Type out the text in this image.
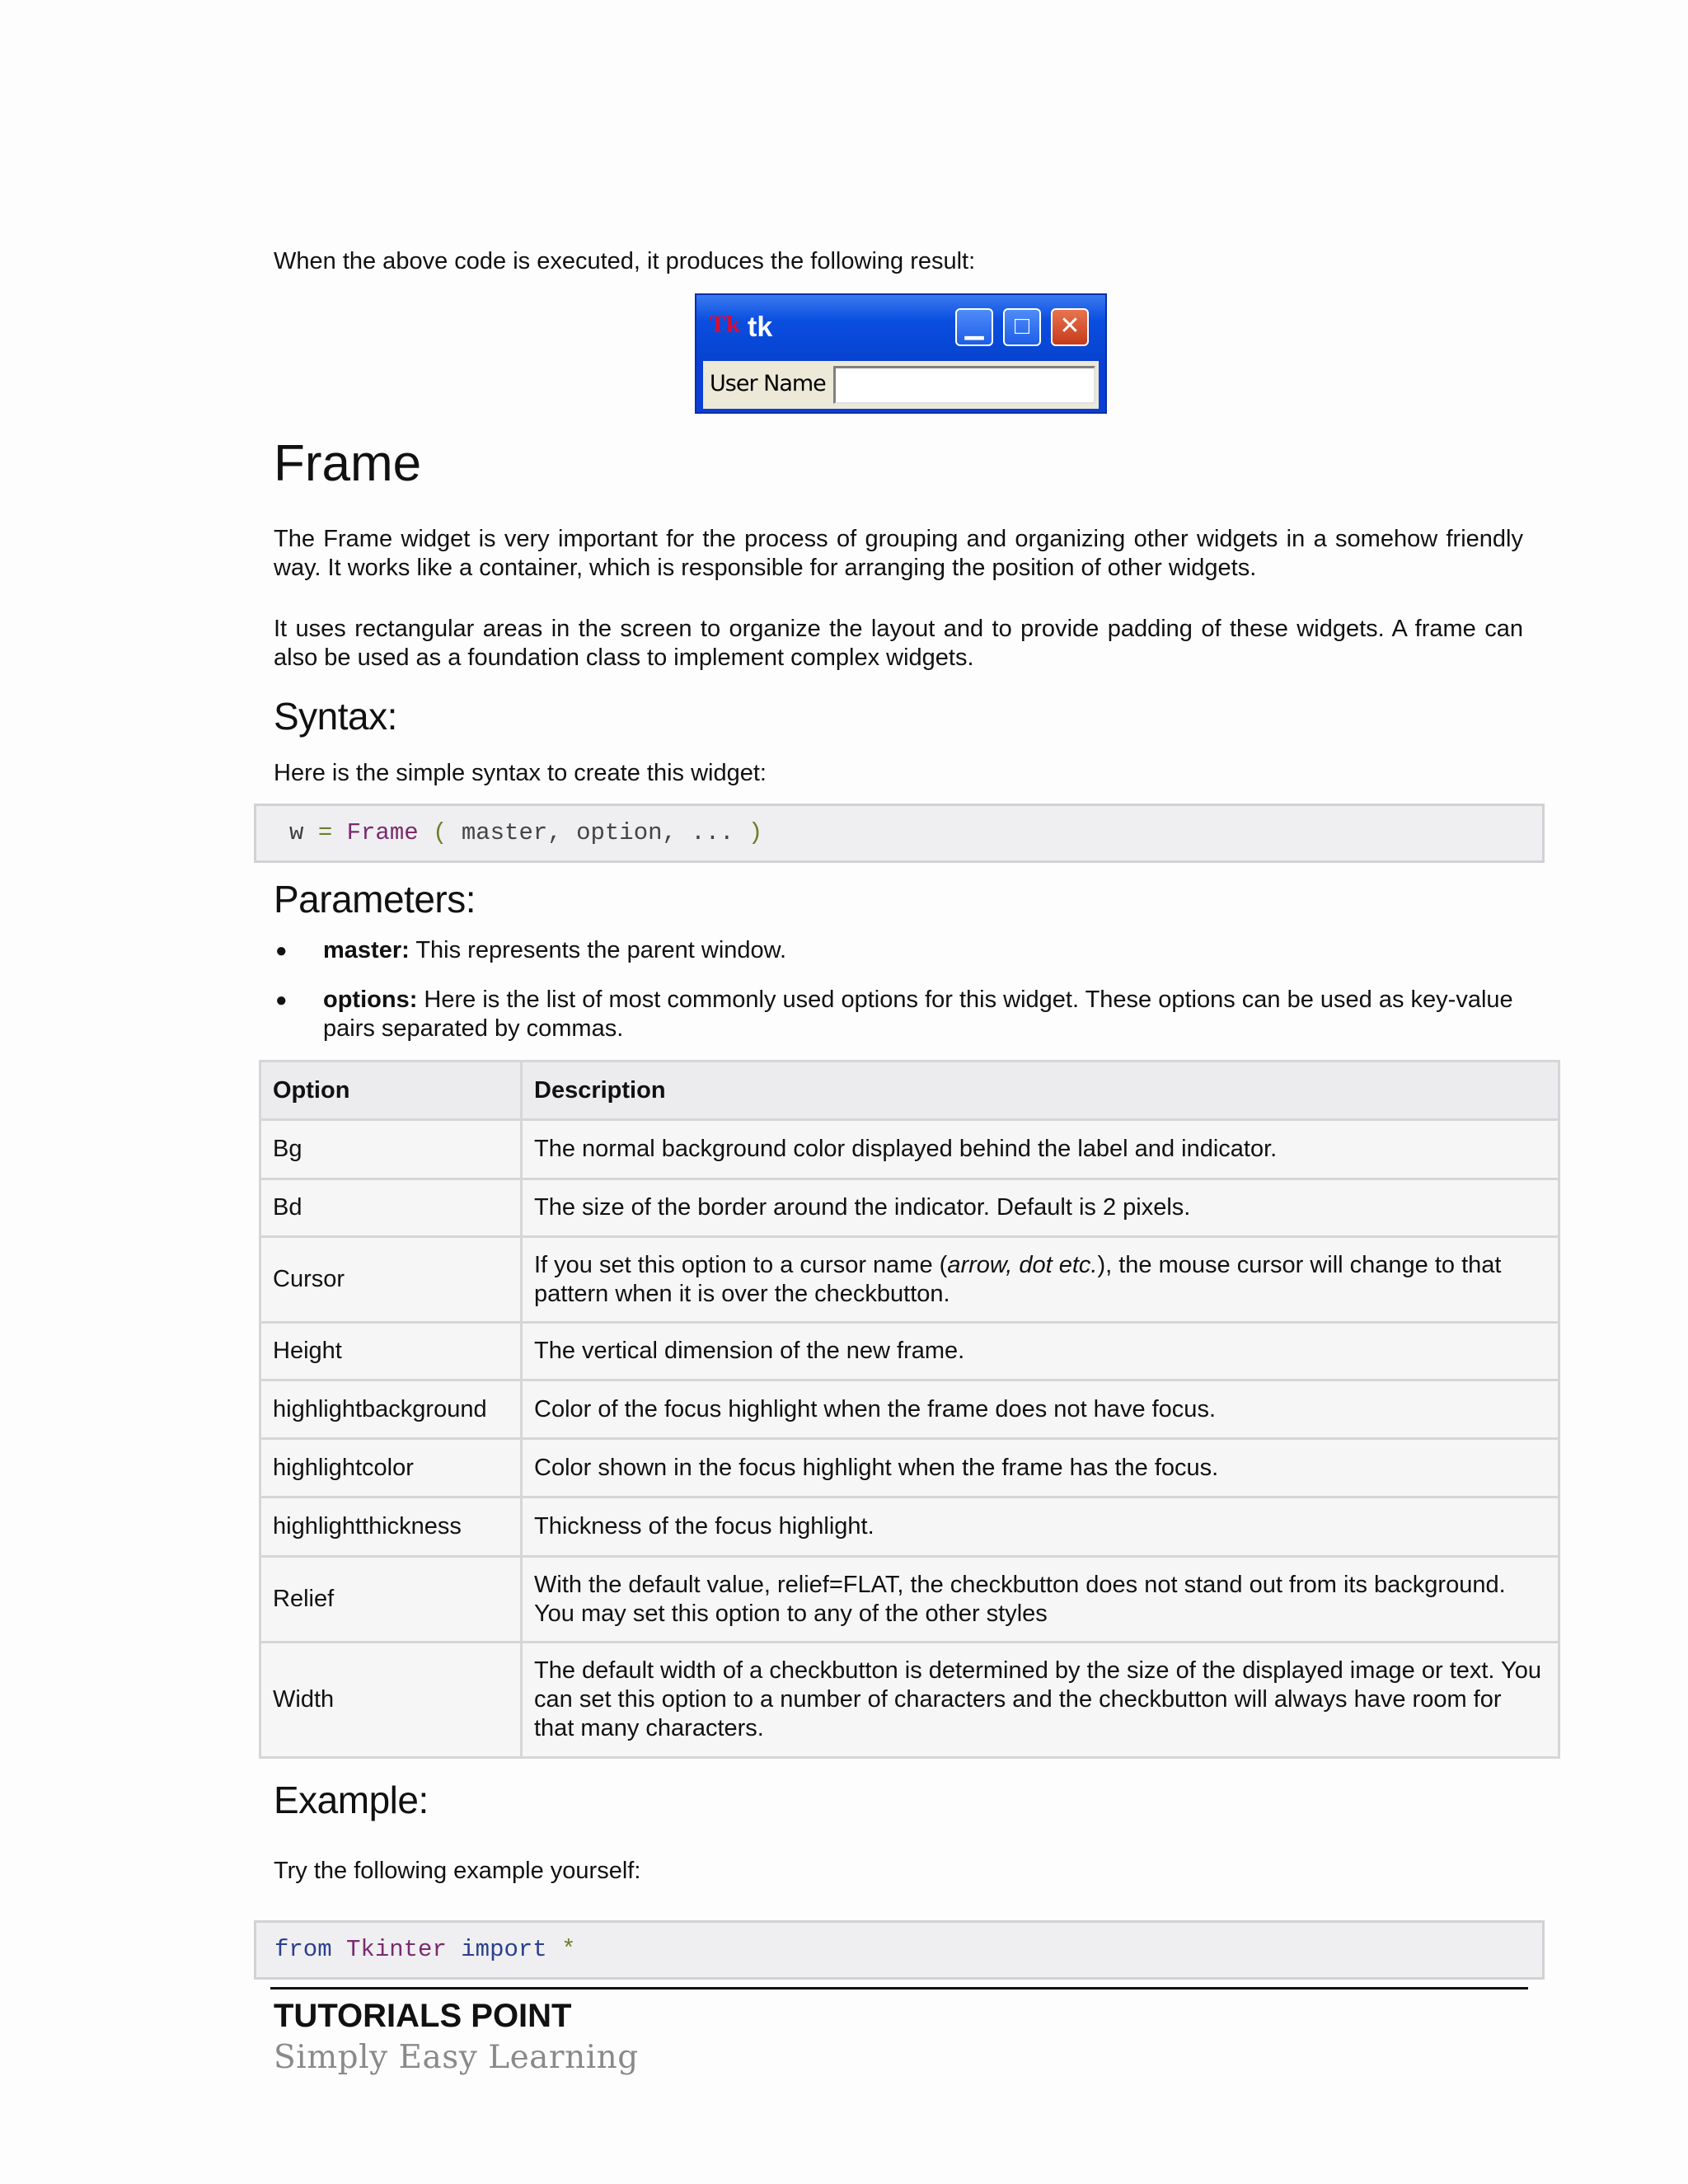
When the above code is executed, it produces the following result:

Tk tk	▁	□	✕
User Name
Frame

The Frame widget is very important for the process of grouping and organizing other widgets in a somehow friendly way. It works like a container, which is responsible for arranging the position of other widgets.

It uses rectangular areas in the screen to organize the layout and to provide padding of these widgets. A frame can also be used as a foundation class to implement complex widgets.

Syntax:

Here is the simple syntax to create this widget:

w = Frame ( master, option, ... )
Parameters:
● master: This represents the parent window.
● options: Here is the list of most commonly used options for this widget. These options can be used as key-value pairs separated by commas.
Option	Description
Bg	The normal background color displayed behind the label and indicator.
Bd	The size of the border around the indicator. Default is 2 pixels.
Cursor	If you set this option to a cursor name (arrow, dot etc.), the mouse cursor will change to that pattern when it is over the checkbutton.
Height	The vertical dimension of the new frame.
highlightbackground	Color of the focus highlight when the frame does not have focus.
highlightcolor	Color shown in the focus highlight when the frame has the focus.
highlightthickness	Thickness of the focus highlight.
Relief	With the default value, relief=FLAT, the checkbutton does not stand out from its background. You may set this option to any of the other styles
Width	The default width of a checkbutton is determined by the size of the displayed image or text. You can set this option to a number of characters and the checkbutton will always have room for that many characters.
Example:

Try the following example yourself:

from Tkinter import *
TUTORIALS POINT
Simply Easy Learning
